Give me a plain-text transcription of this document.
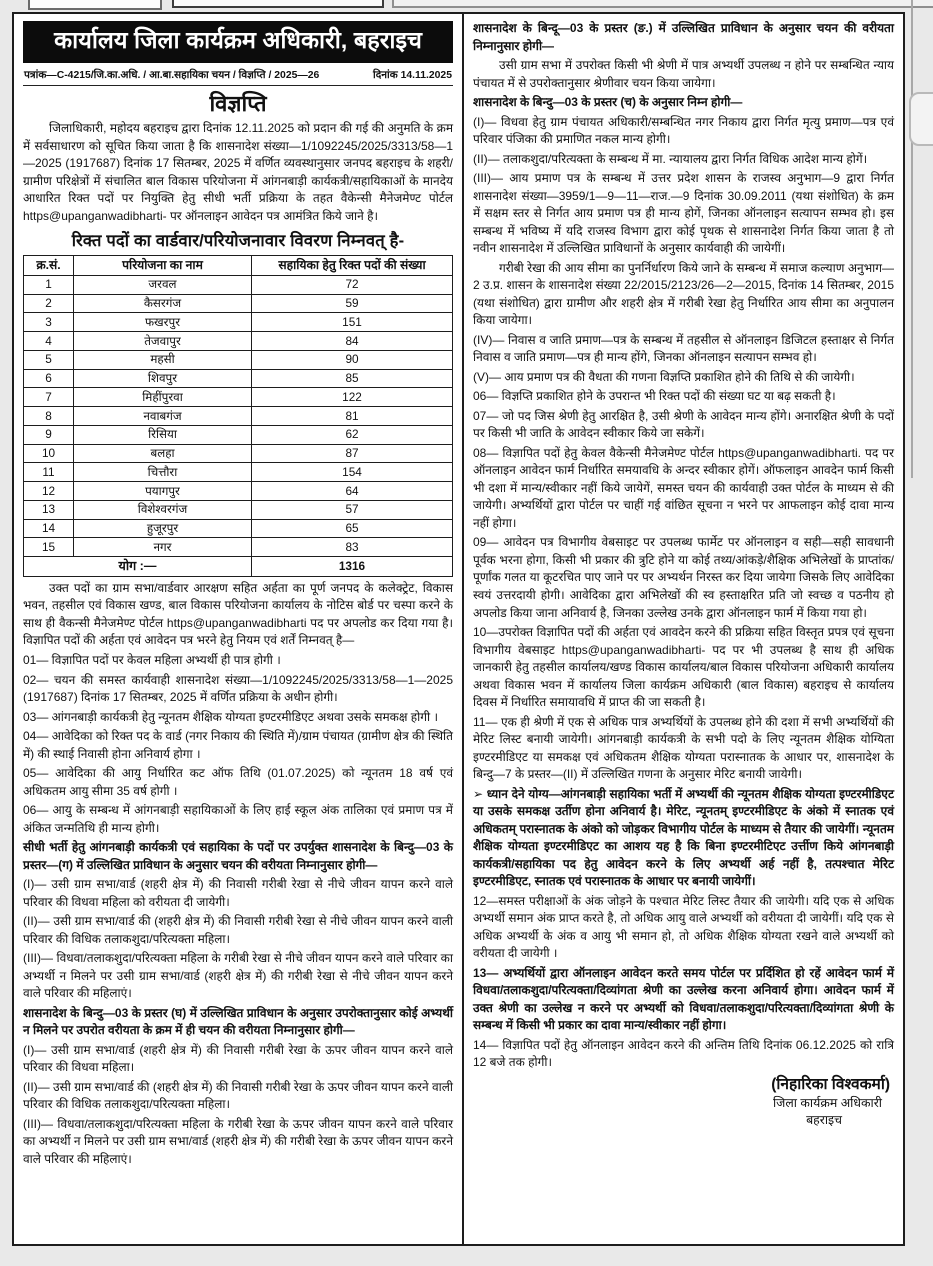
कार्यालय जिला कार्यक्रम अधिकारी, बहराइच
पत्रांक—C-4215/जि.का.अधि. / आ.बा.सहायिका चयन / विज्ञप्ति / 2025—26	दिनांक 14.11.2025
विज्ञप्ति

जिलाधिकारी, महोदय बहराइच द्वारा दिनांक 12.11.2025 को प्रदान की गई की अनुमति के क्रम में सर्वसाधारण को सूचित किया जाता है कि शासनादेश संख्या—1/1092245/2025/3313/58—1—2025 (1917687) दिनांक 17 सितम्बर, 2025 में वर्णित व्यवस्थानुसार जनपद बहराइच के शहरी/ग्रामीण परिक्षेत्रों में संचालित बाल विकास परियोजना में आंगनबाड़ी कार्यकत्री/सहायिकाओं के मानदेय आधारित रिक्त पदों पर नियुक्ति हेतु सीधी भर्ती प्रक्रिया के तहत वैकेन्सी मैनेजमेण्ट पोर्टल https@upanganwadibharti- पर ऑनलाइन आवेदन पत्र आमंत्रित किये जाने है।

रिक्त पदों का वार्डवार/परियोजनावार विवरण निम्नवत् है-
क्र.सं.	परियोजना का नाम	सहायिका हेतु रिक्त पदों की संख्या
1	जरवल	72
2	कैसरगंज	59
3	फखरपुर	151
4	तेजवापुर	84
5	महसी	90
6	शिवपुर	85
7	मिहींपुरवा	122
8	नवाबगंज	81
9	रिसिया	62
10	बलहा	87
11	चित्तौरा	154
12	पयागपुर	64
13	विशेश्वरगंज	57
14	हुजूरपुर	65
15	नगर	83
योग :—		1316

उक्त पदों का ग्राम सभा/वार्डवार आरक्षण सहित अर्हता का पूर्ण जनपद के कलेक्ट्रेट, विकास भवन, तहसील एवं विकास खण्ड, बाल विकास परियोजना कार्यालय के नोटिस बोर्ड पर चस्पा करने के साथ ही वैकन्सी मैनेजमेण्ट पोर्टल https@upanganwadibharti पद पर अपलोड कर दिया गया है। विज्ञापित पदों की अर्हता एवं आवेदन पत्र भरने हेतु नियम एवं शर्तें निम्नवत् है—

01— विज्ञापित पदों पर केवल महिला अभ्यर्थी ही पात्र होगी ।

02— चयन की समस्त कार्यवाही शासनादेश संख्या—1/1092245/2025/3313/58—1—2025 (1917687) दिनांक 17 सितम्बर, 2025 में वर्णित प्रक्रिया के अधीन होगी।

03— आंगनबाड़ी कार्यकत्री हेतु न्यूनतम शैक्षिक योग्यता इण्टरमीडिएट अथवा उसके समकक्ष होगी ।

04— आवेदिका को रिक्त पद के वार्ड (नगर निकाय की स्थिति में)/ग्राम पंचायत (ग्रामीण क्षेत्र की स्थिति में) की स्थाई निवासी होना अनिवार्य होगा ।

05— आवेदिका की आयु निर्धारित कट ऑफ तिथि (01.07.2025) को न्यूनतम 18 वर्ष एवं अधिकतम आयु सीमा 35 वर्ष होगी ।

06— आयु के सम्बन्ध में आंगनबाड़ी सहायिकाओं के लिए हाई स्कूल अंक तालिका एवं प्रमाण पत्र में अंकित जन्मतिथि ही मान्य होगी।

सीधी भर्ती हेतु आंगनबाड़ी कार्यकत्री एवं सहायिका के पदों पर उपर्युक्त शासनादेश के बिन्दु—03 के प्रस्तर—(ग) में उल्लिखित प्राविधान के अनुसार चयन की वरीयता निम्नानुसार होगी—

(I)— उसी ग्राम सभा/वार्ड (शहरी क्षेत्र में) की निवासी गरीबी रेखा से नीचे जीवन यापन करने वाले परिवार की विधवा महिला को वरीयता दी जायेगी।

(II)— उसी ग्राम सभा/वार्ड की (शहरी क्षेत्र में) की निवासी गरीबी रेखा से नीचे जीवन यापन करने वाली परिवार की विधिक तलाकशुदा/परित्यक्ता महिला।

(III)— विधवा/तलाकशुदा/परित्यक्ता महिला के गरीबी रेखा से नीचे जीवन यापन करने वाले परिवार का अभ्यर्थी न मिलने पर उसी ग्राम सभा/वार्ड (शहरी क्षेत्र में) की गरीबी रेखा से नीचे जीवन यापन करने वाले परिवार की महिलाएं।

शासनादेश के बिन्दु—03 के प्रस्तर (घ) में उल्लिखित प्राविधान के अनुसार उपरोक्तानुसार कोई अभ्यर्थी न मिलने पर उपरोत वरीयता के क्रम में ही चयन की वरीयता निम्नानुसार होगी—

(I)— उसी ग्राम सभा/वार्ड (शहरी क्षेत्र में) की निवासी गरीबी रेखा के ऊपर जीवन यापन करने वाले परिवार की विधवा महिला।

(II)— उसी ग्राम सभा/वार्ड की (शहरी क्षेत्र में) की निवासी गरीबी रेखा के ऊपर जीवन यापन करने वाली परिवार की विधिक तलाकशुदा/परित्यक्ता महिला।

(III)— विधवा/तलाकशुदा/परित्यक्ता महिला के गरीबी रेखा के ऊपर जीवन यापन करने वाले परिवार का अभ्यर्थी न मिलने पर उसी ग्राम सभा/वार्ड (शहरी क्षेत्र में) की गरीबी रेखा के ऊपर जीवन यापन करने वाले परिवार की महिलाएं।

शासनादेश के बिन्दू—03 के प्रस्तर (ङ.) में उल्लिखित प्राविधान के अनुसार चयन की वरीयता निम्नानुसार होगी—

उसी ग्राम सभा में उपरोक्त किसी भी श्रेणी में पात्र अभ्यर्थी उपलब्ध न होने पर सम्बन्धित न्याय पंचायत में से उपरोक्तानुसार श्रेणीवार चयन किया जायेगा।

शासनादेश के बिन्दु—03 के प्रस्तर (च) के अनुसार निम्न होगी—

(I)— विधवा हेतु ग्राम पंचायत अधिकारी/सम्बन्धित नगर निकाय द्वारा निर्गत मृत्यु प्रमाण—पत्र एवं परिवार पंजिका की प्रमाणित नकल मान्य होगी।

(II)— तलाकशुदा/परित्यक्ता के सम्बन्ध में मा. न्यायालय द्वारा निर्गत विधिक आदेश मान्य होगें।

(III)— आय प्रमाण पत्र के सम्बन्ध में उत्तर प्रदेश शासन के राजस्व अनुभाग—9 द्वारा निर्गत शासनादेश संख्या—3959/1—9—11—राज.—9 दिनांक 30.09.2011 (यथा संशोधित) के क्रम में सक्षम स्तर से निर्गत आय प्रमाण पत्र ही मान्य होगें, जिनका ऑनलाइन सत्यापन सम्भव हो। इस सम्बन्ध में भविष्य में यदि राजस्व विभाग द्वारा कोई पृथक से शासनादेश निर्गत किया जाता है तो नवीन शासनादेश में उल्लिखित प्राविधानों के अनुसार कार्यवाही की जायेगीं।

गरीबी रेखा की आय सीमा का पुनर्निर्धारण किये जाने के सम्बन्ध में समाज कल्याण अनुभाग—2 उ.प्र. शासन के शासनादेश संख्या 22/2015/2123/26—2—2015, दिनांक 14 सितम्बर, 2015 (यथा संशोधित) द्वारा ग्रामीण और शहरी क्षेत्र में गरीबी रेखा हेतु निर्धारित आय सीमा का अनुपालन किया जायेगा।

(IV)— निवास व जाति प्रमाण—पत्र के सम्बन्ध में तहसील से ऑनलाइन डिजिटल हस्ताक्षर से निर्गत निवास व जाति प्रमाण—पत्र ही मान्य होंगे, जिनका ऑनलाइन सत्यापन सम्भव हो।

(V)— आय प्रमाण पत्र की वैधता की गणना विज्ञप्ति प्रकाशित होने की तिथि से की जायेगी।

06— विज्ञप्ति प्रकाशित होने के उपरान्त भी रिक्त पदों की संख्या घट या बढ़ सकती है।

07— जो पद जिस श्रेणी हेतु आरक्षित है, उसी श्रेणी के आवेदन मान्य होंगे। अनारक्षित श्रेणी के पदों पर किसी भी जाति के आवेदन स्वीकार किये जा सकेगें।

08— विज्ञापित पदों हेतु केवल वैकेन्सी मैनेजमेण्ट पोर्टल https@upanganwadibharti. पद पर ऑनलाइन आवेदन फार्म निर्धारित समयावधि के अन्दर स्वीकार होगें। ऑफलाइन आवदेन फार्म किसी भी दशा में मान्य/स्वीकार नहीं किये जायेगें, समस्त चयन की कार्यवाही उक्त पोर्टल के माध्यम से की जायेगी। अभ्यर्थियों द्वारा पोर्टल पर चाहीं गई वांछित सूचना न भरने पर आफलाइन कोई दावा मान्य नहीं होगा।

09— आवेदन पत्र विभागीय वेबसाइट पर उपलब्ध फार्मेट पर ऑनलाइन व सही—सही सावधानी पूर्वक भरना होगा, किसी भी प्रकार की त्रुटि होने या कोई तथ्य/आंकड़े/शैक्षिक अभिलेखों के प्राप्तांक/पूर्णांक गलत या कूटरचित पाए जाने पर पर अभ्यर्थन निरस्त कर दिया जायेगा जिसके लिए आवेदिका स्वयं उत्तरदायी होगी। आवेदिका द्वारा अभिलेखों की स्व हस्ताक्षरित प्रति जो स्वच्छ व पठनीय हो अपलोड किया जाना अनिवार्य है, जिनका उल्लेख उनके द्वारा ऑनलाइन फार्म में किया गया हो।

10—उपरोक्त विज्ञापित पदों की अर्हता एवं आवदेन करने की प्रक्रिया सहित विस्तृत प्रपत्र एवं सूचना विभागीय वेबसाइट https@upanganwadibharti- पद पर भी उपलब्ध है साथ ही अधिक जानकारी हेतु तहसील कार्यालय/खण्ड विकास कार्यालय/बाल विकास परियोजना अधिकारी कार्यालय अथवा विकास भवन में कार्यालय जिला कार्यक्रम अधिकारी (बाल विकास) बहराइच से कार्यालय दिवस में निर्धारित समायावधि में प्राप्त की जा सकती है।

11— एक ही श्रेणी में एक से अधिक पात्र अभ्यर्थियों के उपलब्ध होने की दशा में सभी अभ्यर्थियों की मेरिट लिस्ट बनायी जायेगी। आंगनबाड़ी कार्यकत्री के सभी पदो के लिए न्यूनतम शैक्षिक योग्यिता इण्टरमीडिएट या समकक्ष एवं अधिकतम शैक्षिक योग्यता परास्नातक के आधार पर, शासनादेश के बिन्दु—7 के प्रस्तर—(II) में उल्लिखित गणना के अनुसार मेरिट बनायी जायेगी।

➢ ध्यान देने योग्य—आंगनबाड़ी सहायिका भर्ती में अभ्यर्थी की न्यूनतम शैक्षिक योग्यता इण्टरमीडिएट या उसके समकक्ष उर्तीण होना अनिवार्य है। मेरिट, न्यूनतम् इण्टरमीडिएट के अंको में स्नातक एवं अधिकतम् परास्नातक के अंको को जोड़कर विभागीय पोर्टल के माध्यम से तैयार की जायेगीं। न्यूनतम शैक्षिक योग्यता इण्टरमीडिएट का आशय यह है कि बिना इण्टरमीटिएट उर्त्तीण किये आंगनबाड़ी कार्यकत्री/सहायिका पद हेतु आवेदन करने के लिए अभ्यर्थी अर्ह नहीं है, तत्पश्चात मेरिट इण्टरमीडिएट, स्नातक एवं परास्नातक के आधार पर बनायी जायेगीं।

12—समस्त परीक्षाओं के अंक जोड़ने के पश्चात मेरिट लिस्ट तैयार की जायेगी। यदि एक से अधिक अभ्यर्थी समान अंक प्राप्त करते है, तो अधिक आयु वाले अभ्यर्थी को वरीयता दी जायेगीं। यदि एक से अधिक अभ्यर्थी के अंक व आयु भी समान हो, तो अधिक शैक्षिक योग्यता रखने वाले अभ्यर्थी को वरीयता दी जायेगी ।

13— अभ्यर्थियों द्वारा ऑनलाइन आवेदन करते समय पोर्टल पर प्रर्दिशित हो रहें आवेदन फार्म में विधवा/तलाकशुदा/परित्यक्ता/दिव्यांगता श्रेणी का उल्लेख करना अनिवार्य होगा। आवेदन फार्म में उक्त श्रेणी का उल्लेख न करने पर अभ्यर्थी को विधवा/तलाकशुदा/परित्यक्ता/दिव्यांगता श्रेणी के सम्बन्ध में किसी भी प्रकार का दावा मान्य/स्वीकार नहीं होगा।

14— विज्ञापित पदों हेतु ऑनलाइन आवेदन करने की अन्तिम तिथि दिनांक 06.12.2025 को रात्रि 12 बजे तक होगी।

(निहारिका विश्वकर्मा)
जिला कार्यक्रम अधिकारी
बहराइच
